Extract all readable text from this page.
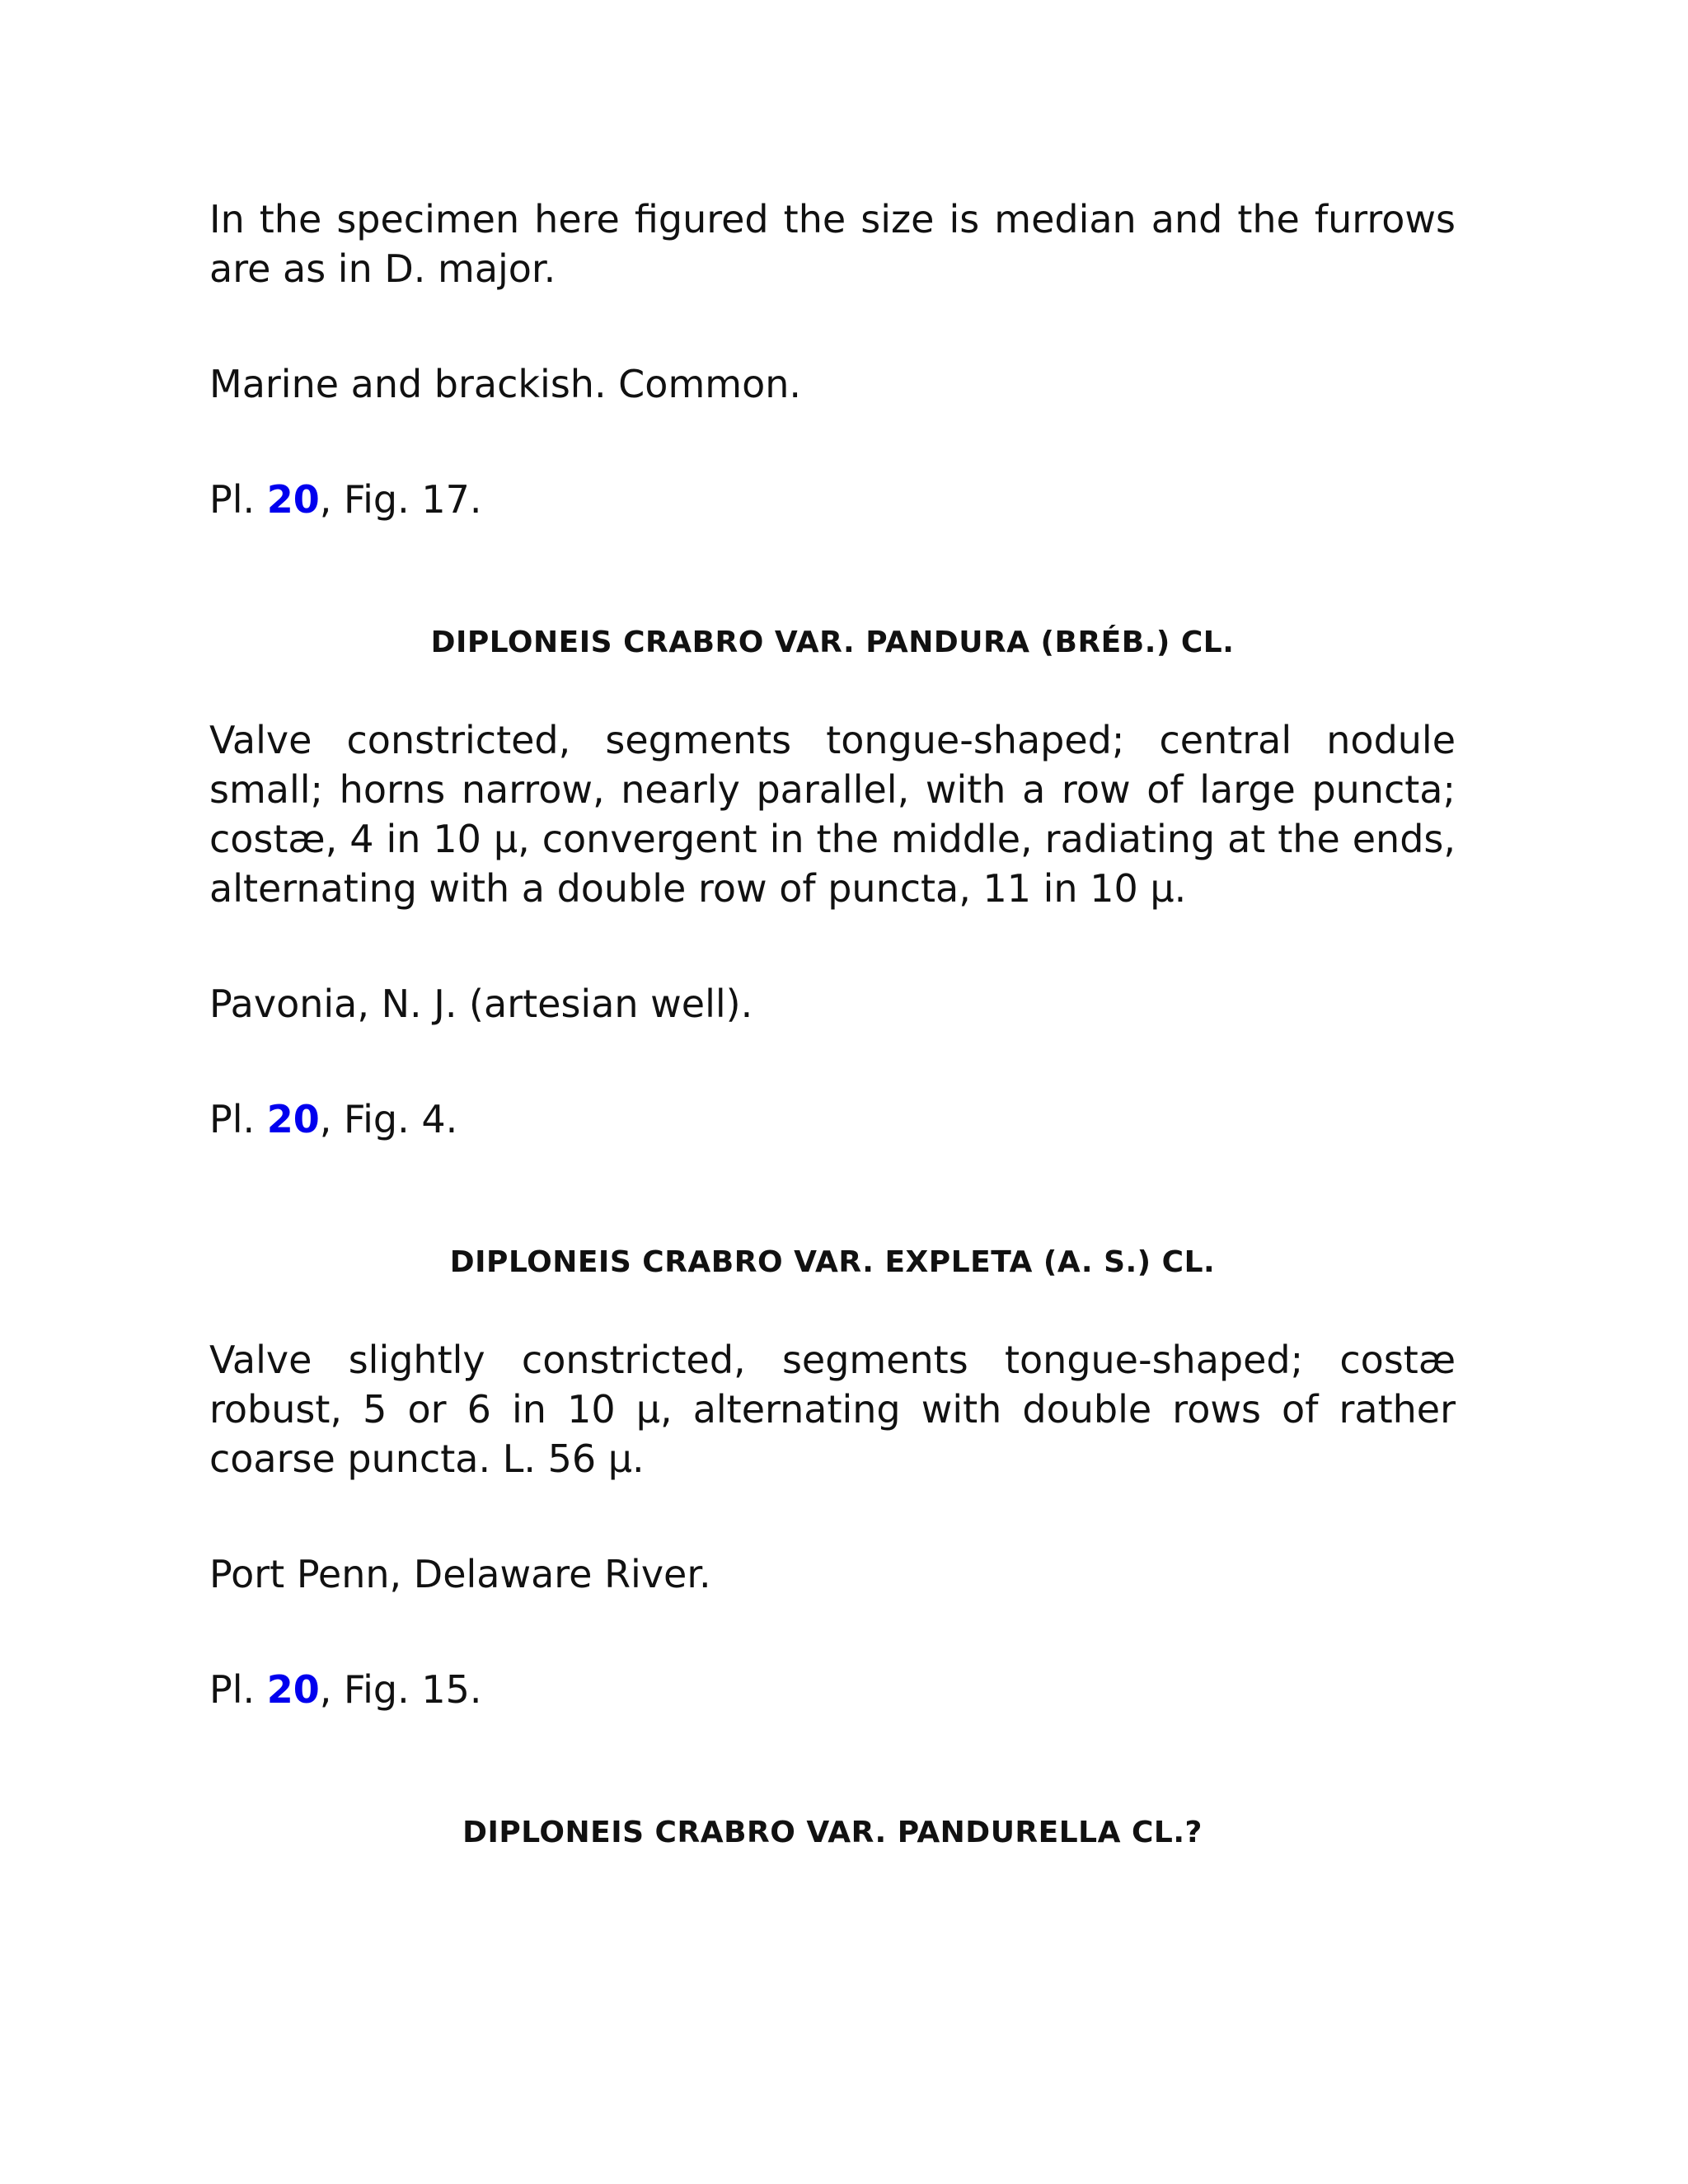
In the specimen here figured the size is median and the furrows are as in D. major.

Marine and brackish. Common.

Pl. 20, Fig. 17.

DIPLONEIS CRABRO VAR. PANDURA (BRÉB.) CL.

Valve constricted, segments tongue-shaped; central nodule small; horns narrow, nearly parallel, with a row of large puncta; costæ, 4 in 10 µ, convergent in the middle, radiating at the ends, alternating with a double row of puncta, 11 in 10 µ.

Pavonia, N. J. (artesian well).

Pl. 20, Fig. 4.

DIPLONEIS CRABRO VAR. EXPLETA (A. S.) CL.

Valve slightly constricted, segments tongue-shaped; costæ robust, 5 or 6 in 10 µ, alternating with double rows of rather coarse puncta. L. 56 µ.

Port Penn, Delaware River.

Pl. 20, Fig. 15.

DIPLONEIS CRABRO VAR. PANDURELLA CL.?
